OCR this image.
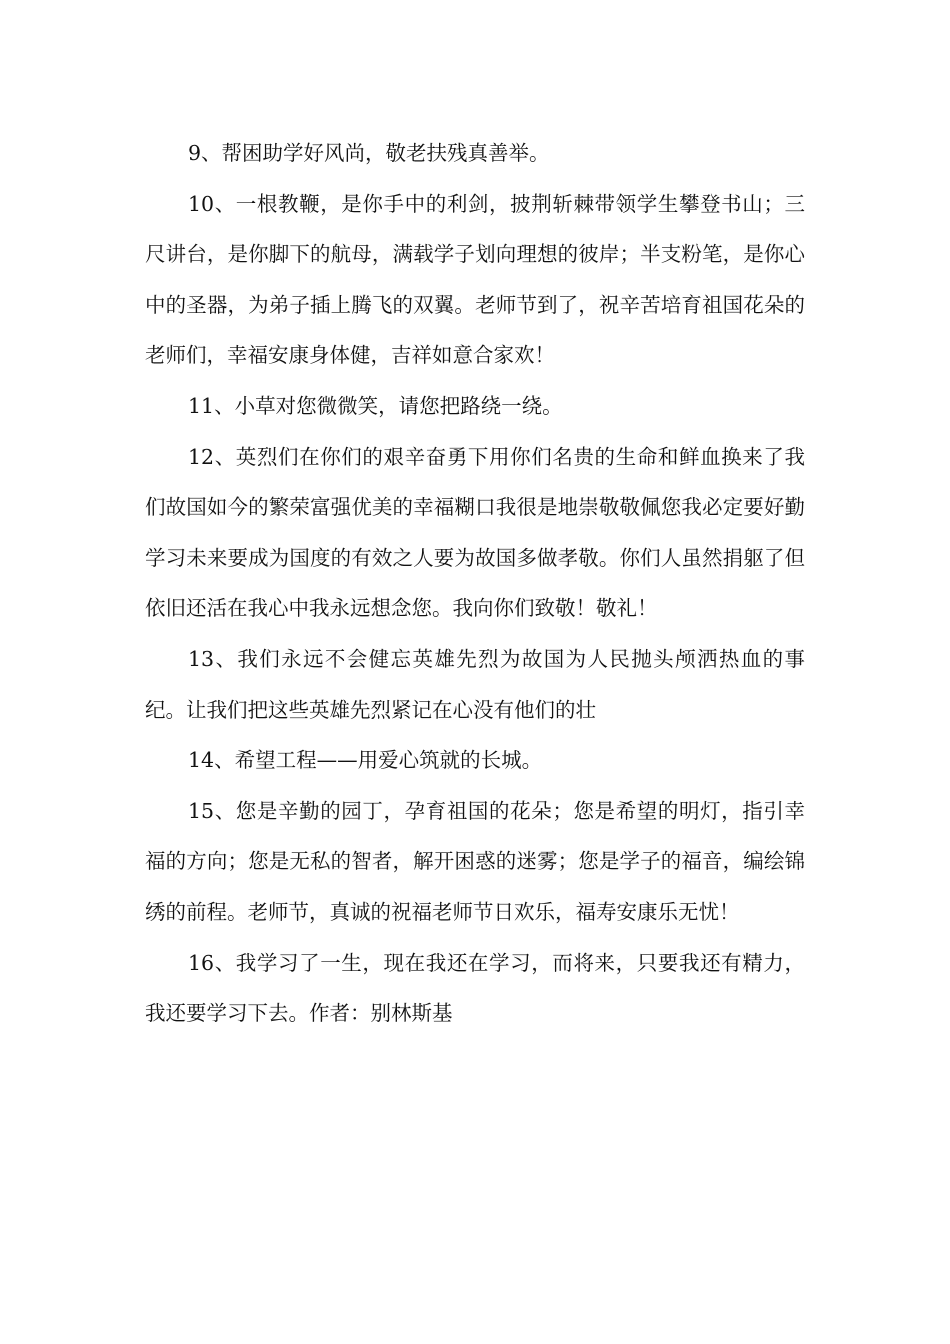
9、帮困助学好风尚，敬老扶残真善举。

10、一根教鞭，是你手中的利剑，披荆斩棘带领学生攀登书山；三尺讲台，是你脚下的航母，满载学子划向理想的彼岸；半支粉笔，是你心中的圣器，为弟子插上腾飞的双翼。老师节到了，祝辛苦培育祖国花朵的老师们，幸福安康身体健，吉祥如意合家欢！

11、小草对您微微笑，请您把路绕一绕。

12、英烈们在你们的艰辛奋勇下用你们名贵的生命和鲜血换来了我们故国如今的繁荣富强优美的幸福糊口我很是地崇敬敬佩您我必定要好勤学习未来要成为国度的有效之人要为故国多做孝敬。你们人虽然捐躯了但依旧还活在我心中我永远想念您。我向你们致敬！敬礼！

13、我们永远不会健忘英雄先烈为故国为人民抛头颅洒热血的事纪。让我们把这些英雄先烈紧记在心没有他们的壮

14、希望工程——用爱心筑就的长城。

15、您是辛勤的园丁，孕育祖国的花朵；您是希望的明灯，指引幸福的方向；您是无私的智者，解开困惑的迷雾；您是学子的福音，编绘锦绣的前程。老师节，真诚的祝福老师节日欢乐，福寿安康乐无忧！

16、我学习了一生，现在我还在学习，而将来，只要我还有精力，我还要学习下去。作者：别林斯基
